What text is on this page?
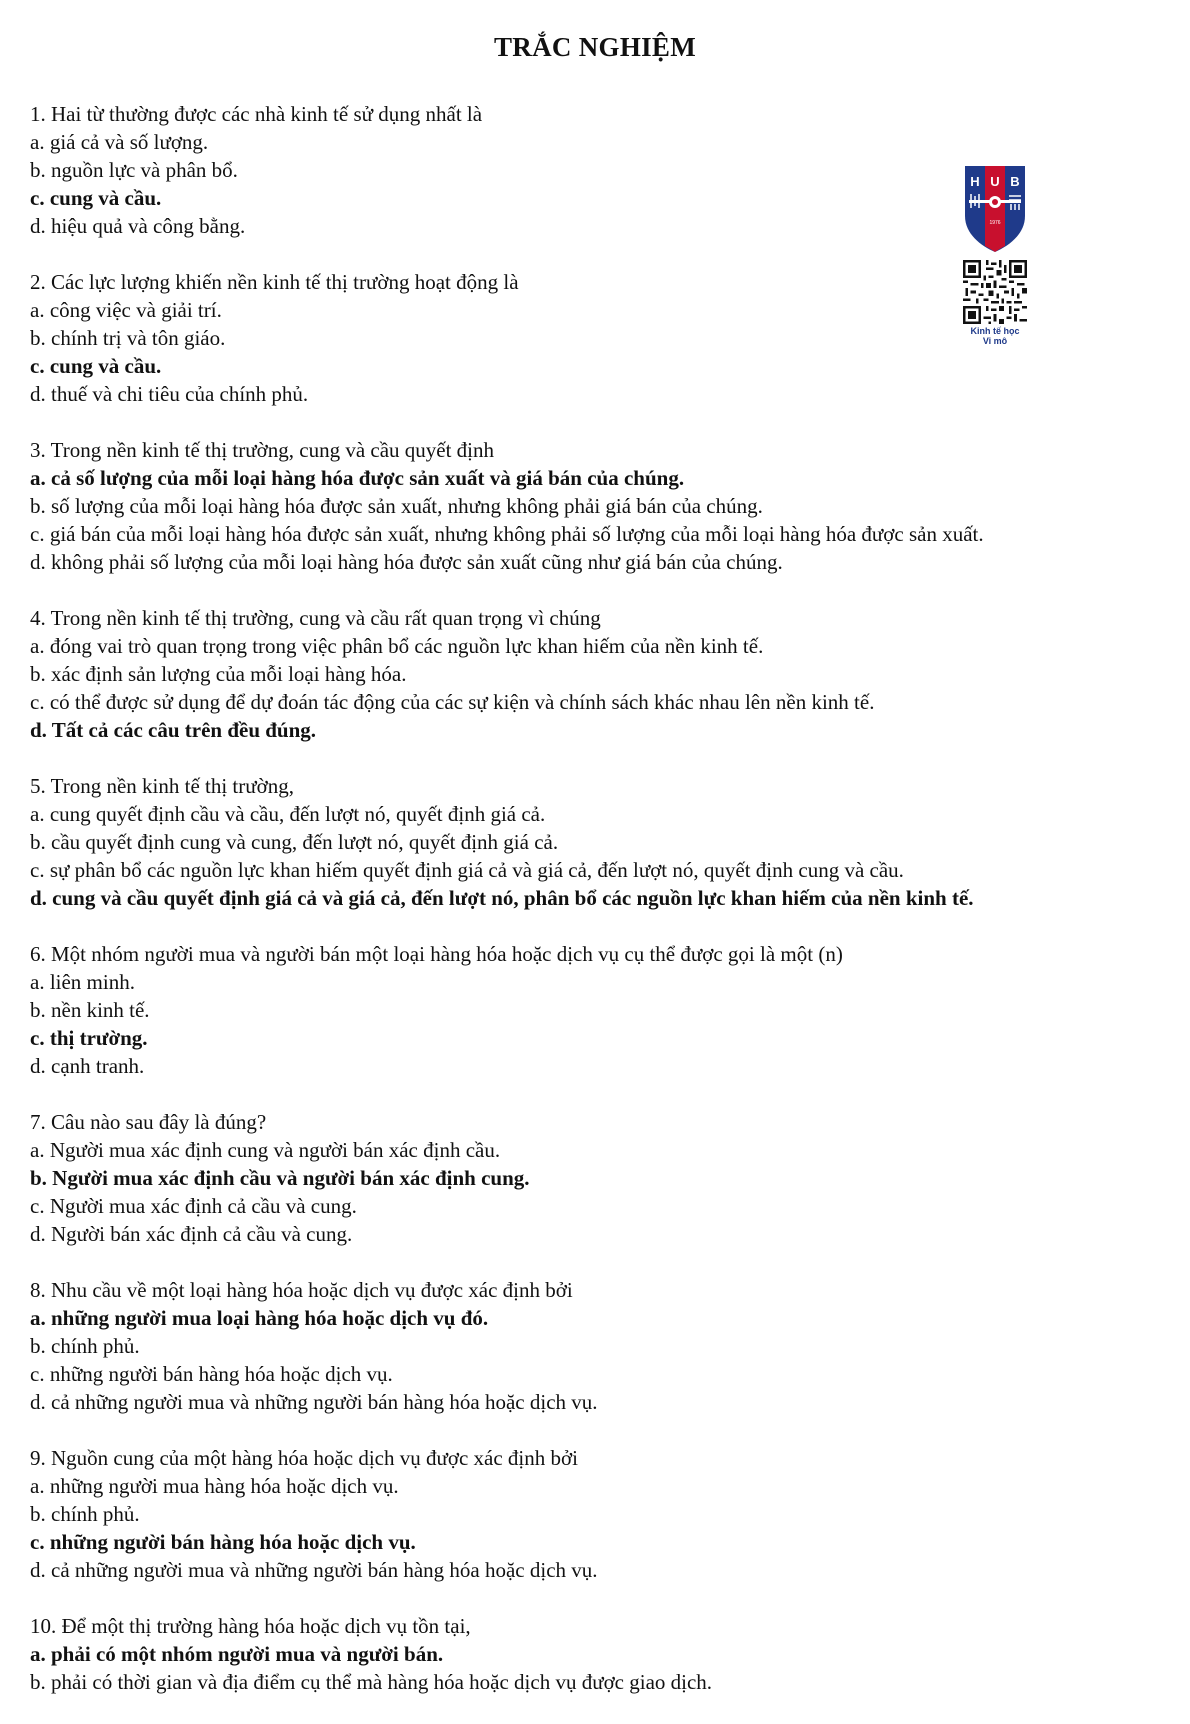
TRẮC NGHIỆM
1. Hai từ thường được các nhà kinh tế sử dụng nhất là
a. giá cả và số lượng.
b. nguồn lực và phân bổ.
c. cung và cầu.
d. hiệu quả và công bằng.
2. Các lực lượng khiến nền kinh tế thị trường hoạt động là
a. công việc và giải trí.
b. chính trị và tôn giáo.
c. cung và cầu.
d. thuế và chi tiêu của chính phủ.
3. Trong nền kinh tế thị trường, cung và cầu quyết định
a. cả số lượng của mỗi loại hàng hóa được sản xuất và giá bán của chúng.
b. số lượng của mỗi loại hàng hóa được sản xuất, nhưng không phải giá bán của chúng.
c. giá bán của mỗi loại hàng hóa được sản xuất, nhưng không phải số lượng của mỗi loại hàng hóa được sản xuất.
d. không phải số lượng của mỗi loại hàng hóa được sản xuất cũng như giá bán của chúng.
4. Trong nền kinh tế thị trường, cung và cầu rất quan trọng vì chúng
a. đóng vai trò quan trọng trong việc phân bổ các nguồn lực khan hiếm của nền kinh tế.
b. xác định sản lượng của mỗi loại hàng hóa.
c. có thể được sử dụng để dự đoán tác động của các sự kiện và chính sách khác nhau lên nền kinh tế.
d. Tất cả các câu trên đều đúng.
5. Trong nền kinh tế thị trường,
a. cung quyết định cầu và cầu, đến lượt nó, quyết định giá cả.
b. cầu quyết định cung và cung, đến lượt nó, quyết định giá cả.
c. sự phân bổ các nguồn lực khan hiếm quyết định giá cả và giá cả, đến lượt nó, quyết định cung và cầu.
d. cung và cầu quyết định giá cả và giá cả, đến lượt nó, phân bổ các nguồn lực khan hiếm của nền kinh tế.
6. Một nhóm người mua và người bán một loại hàng hóa hoặc dịch vụ cụ thể được gọi là một (n)
a. liên minh.
b. nền kinh tế.
c. thị trường.
d. cạnh tranh.
7. Câu nào sau đây là đúng?
a. Người mua xác định cung và người bán xác định cầu.
b. Người mua xác định cầu và người bán xác định cung.
c. Người mua xác định cả cầu và cung.
d. Người bán xác định cả cầu và cung.
8. Nhu cầu về một loại hàng hóa hoặc dịch vụ được xác định bởi
a. những người mua loại hàng hóa hoặc dịch vụ đó.
b. chính phủ.
c. những người bán hàng hóa hoặc dịch vụ.
d. cả những người mua và những người bán hàng hóa hoặc dịch vụ.
9. Nguồn cung của một hàng hóa hoặc dịch vụ được xác định bởi
a. những người mua hàng hóa hoặc dịch vụ.
b. chính phủ.
c. những người bán hàng hóa hoặc dịch vụ.
d. cả những người mua và những người bán hàng hóa hoặc dịch vụ.
10. Để một thị trường hàng hóa hoặc dịch vụ tồn tại,
a. phải có một nhóm người mua và người bán.
b. phải có thời gian và địa điểm cụ thể mà hàng hóa hoặc dịch vụ được giao dịch.
H U B
1976
Kinh tế học
Vi mô
